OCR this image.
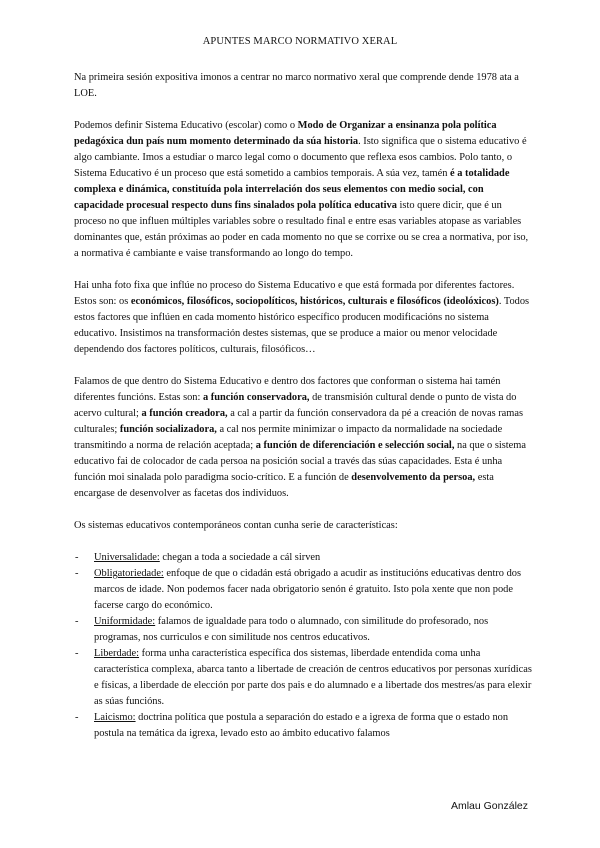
APUNTES MARCO NORMATIVO XERAL

Na primeira sesión expositiva imonos a centrar no marco normativo xeral que comprende dende 1978 ata a LOE.

Podemos definir Sistema Educativo (escolar) como o Modo de Organizar a ensinanza pola política pedagóxica dun país num momento determinado da súa historia. Isto significa que o sistema educativo é algo cambiante. Imos a estudiar o marco legal como o documento que reflexa esos cambios. Polo tanto, o Sistema Educativo é un proceso que está sometido a cambios temporais. A súa vez, tamén é a totalidade complexa e dinámica, constituída pola interrelación dos seus elementos con medio social, con capacidade procesual respecto duns fins sinalados pola política educativa isto quere dicir, que é un proceso no que influen múltiples variables sobre o resultado final e entre esas variables atopase as variables dominantes que, están próximas ao poder en cada momento no que se corrixe ou se crea a normativa, por iso, a normativa é cambiante e vaise transformando ao longo do tempo.

Hai unha foto fixa que inflúe no proceso do Sistema Educativo e que está formada por diferentes factores. Estos son: os económicos, filosóficos, sociopolíticos, históricos, culturais e filosóficos (ideolóxicos). Todos estos factores que inflúen en cada momento histórico específico producen modificacións no sistema educativo. Insistimos na transformación destes sistemas, que se produce a maior ou menor velocidade dependendo dos factores políticos, culturais, filosóficos…

Falamos de que dentro do Sistema Educativo e dentro dos factores que conforman o sistema hai tamén diferentes funcións. Estas son: a función conservadora, de transmisión cultural dende o punto de vista do acervo cultural; a función creadora, a cal a partir da función conservadora da pé a creación de novas ramas culturales; función socializadora, a cal nos permite minimizar o impacto da normalidade na sociedade transmitindo a norma de relación aceptada; a función de diferenciación e selección social, na que o sistema educativo fai de colocador de cada persoa na posición social a través das súas capacidades. Esta é unha función moi sinalada polo paradigma socio-crítico. E a función de desenvolvemento da persoa, esta encargase de desenvolver as facetas dos individuos.

Os sistemas educativos contemporáneos contan cunha serie de características:

- Universalidade: chegan a toda a sociedade a cál sirven
- Obligatoriedade: enfoque de que o cidadán está obrigado a acudir as institucións educativas dentro dos marcos de idade. Non podemos facer nada obrigatorio senón é gratuito. Isto pola xente que non pode facerse cargo do económico.
- Uniformidade: falamos de igualdade para todo o alumnado, con similitude do profesorado, nos programas, nos curriculos e con similitude nos centros educativos.
- Liberdade: forma unha característica específica dos sistemas, liberdade entendida coma unha característica complexa, abarca tanto a libertade de creación de centros educativos por personas xurídicas e físicas, a liberdade de elección por parte dos pais e do alumnado e a libertade dos mestres/as para elexir as súas funcións.
- Laicismo: doctrina política que postula a separación do estado e a igrexa de forma que o estado non postula na temática da igrexa, levado esto ao ámbito educativo falamos
Amlau González
